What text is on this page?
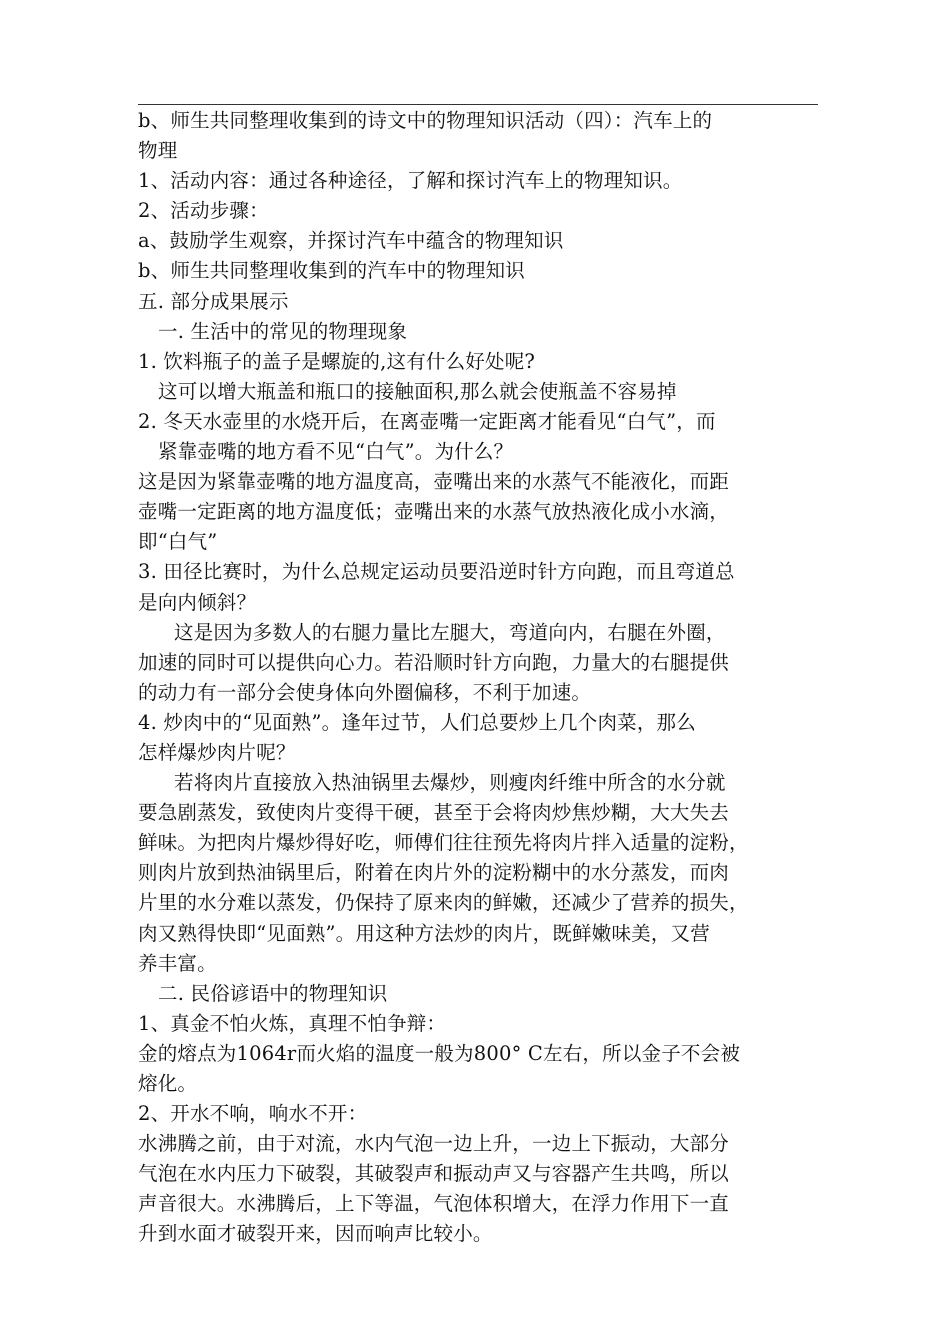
b、师生共同整理收集到的诗文中的物理知识活动（四）：汽车上的
物理
1、活动内容：通过各种途径，了解和探讨汽车上的物理知识。
2、活动步骤：
a、鼓励学生观察，并探讨汽车中蕴含的物理知识
b、师生共同整理收集到的汽车中的物理知识
五. 部分成果展示
一. 生活中的常见的物理现象
1. 饮料瓶子的盖子是螺旋的,这有什么好处呢?
这可以增大瓶盖和瓶口的接触面积,那么就会使瓶盖不容易掉
2. 冬天水壶里的水烧开后，在离壶嘴一定距离才能看见“白气”，而
紧靠壶嘴的地方看不见“白气”。为什么？
这是因为紧靠壶嘴的地方温度高，壶嘴出来的水蒸气不能液化，而距
壶嘴一定距离的地方温度低；壶嘴出来的水蒸气放热液化成小水滴，
即“白气”
3. 田径比赛时，为什么总规定运动员要沿逆时针方向跑，而且弯道总
是向内倾斜？
这是因为多数人的右腿力量比左腿大，弯道向内，右腿在外圈，
加速的同时可以提供向心力。若沿顺时针方向跑，力量大的右腿提供
的动力有一部分会使身体向外圈偏移，不利于加速。
4. 炒肉中的“见面熟”。逢年过节，人们总要炒上几个肉菜，那么
怎样爆炒肉片呢？
若将肉片直接放入热油锅里去爆炒，则瘦肉纤维中所含的水分就
要急剧蒸发，致使肉片变得干硬，甚至于会将肉炒焦炒糊，大大失去
鲜味。为把肉片爆炒得好吃，师傅们往往预先将肉片拌入适量的淀粉，
则肉片放到热油锅里后，附着在肉片外的淀粉糊中的水分蒸发，而肉
片里的水分难以蒸发，仍保持了原来肉的鲜嫩，还减少了营养的损失，
肉又熟得快即“见面熟”。用这种方法炒的肉片，既鲜嫩味美，又营
养丰富。
二. 民俗谚语中的物理知识
1、真金不怕火炼，真理不怕争辩：
金的熔点为1064r而火焰的温度一般为800° C左右，所以金子不会被
熔化。
2、开水不响，响水不开：
水沸腾之前，由于对流，水内气泡一边上升，一边上下振动，大部分
气泡在水内压力下破裂，其破裂声和振动声又与容器产生共鸣，所以
声音很大。水沸腾后，上下等温，气泡体积增大，在浮力作用下一直
升到水面才破裂开来，因而响声比较小。
